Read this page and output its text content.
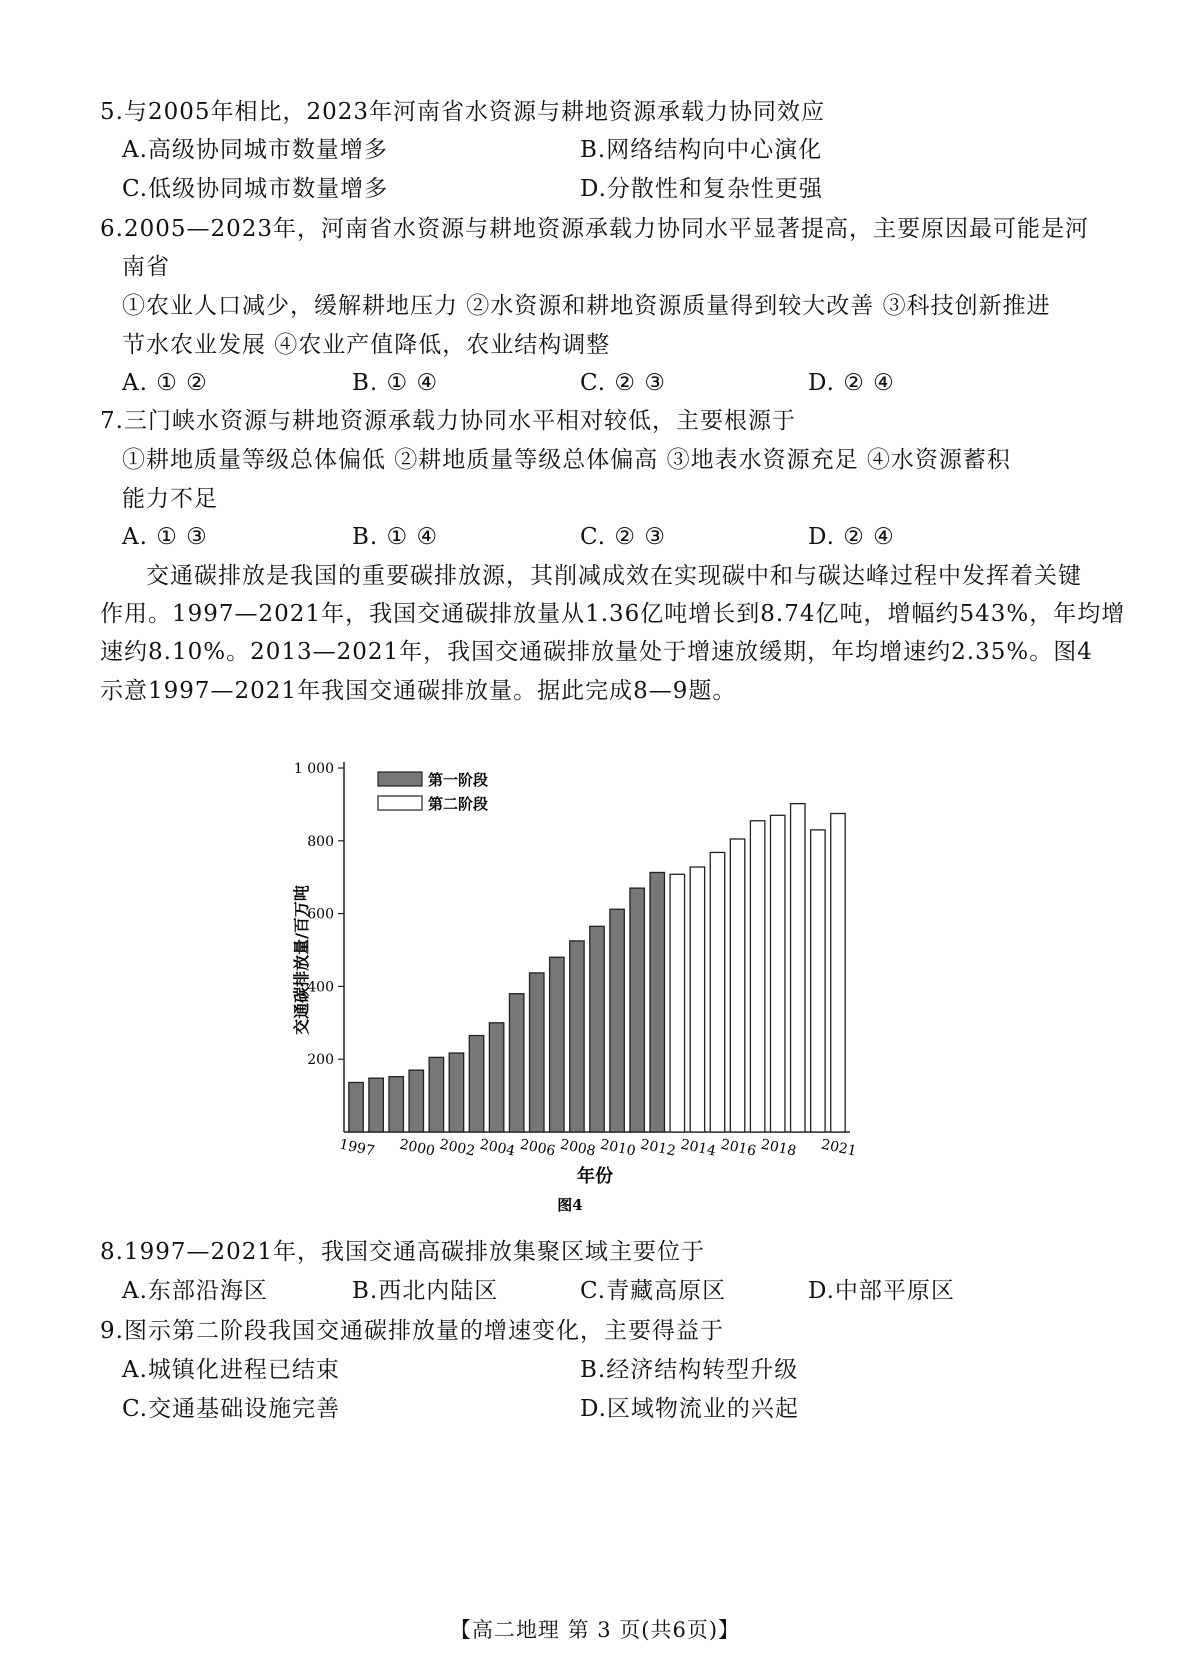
5.与2005年相比，2023年河南省水资源与耕地资源承载力协同效应
A.高级协同城市数量增多	B.网络结构向中心演化
C.低级协同城市数量增多	D.分散性和复杂性更强
6.2005—2023年，河南省水资源与耕地资源承载力协同水平显著提高，主要原因最可能是河
南省
①农业人口减少，缓解耕地压力 ②水资源和耕地资源质量得到较大改善 ③科技创新推进
节水农业发展 ④农业产值降低，农业结构调整
A. ① ②	B. ① ④	C. ② ③	D. ② ④
7.三门峡水资源与耕地资源承载力协同水平相对较低，主要根源于
①耕地质量等级总体偏低 ②耕地质量等级总体偏高 ③地表水资源充足 ④水资源蓄积
能力不足
A. ① ③	B. ① ④	C. ② ③	D. ② ④
交通碳排放是我国的重要碳排放源，其削减成效在实现碳中和与碳达峰过程中发挥着关键
作用。1997—2021年，我国交通碳排放量从1.36亿吨增长到8.74亿吨，增幅约543%，年均增
速约8.10%。2013—2021年，我国交通碳排放量处于增速放缓期，年均增速约2.35%。图4
示意1997—2021年我国交通碳排放量。据此完成8—9题。
200
400
600
800
1 000
1997 2000 2002 2004 2006 2008 2010 2012 2014 2016 2018 2021
第一阶段
第二阶段
交通碳排放量/百万吨
年份
图4
8.1997—2021年，我国交通高碳排放集聚区域主要位于
A.东部沿海区	B.西北内陆区	C.青藏高原区	D.中部平原区
9.图示第二阶段我国交通碳排放量的增速变化，主要得益于
A.城镇化进程已结束	B.经济结构转型升级
C.交通基础设施完善	D.区域物流业的兴起
【高二地理 第 3 页(共6页)】
